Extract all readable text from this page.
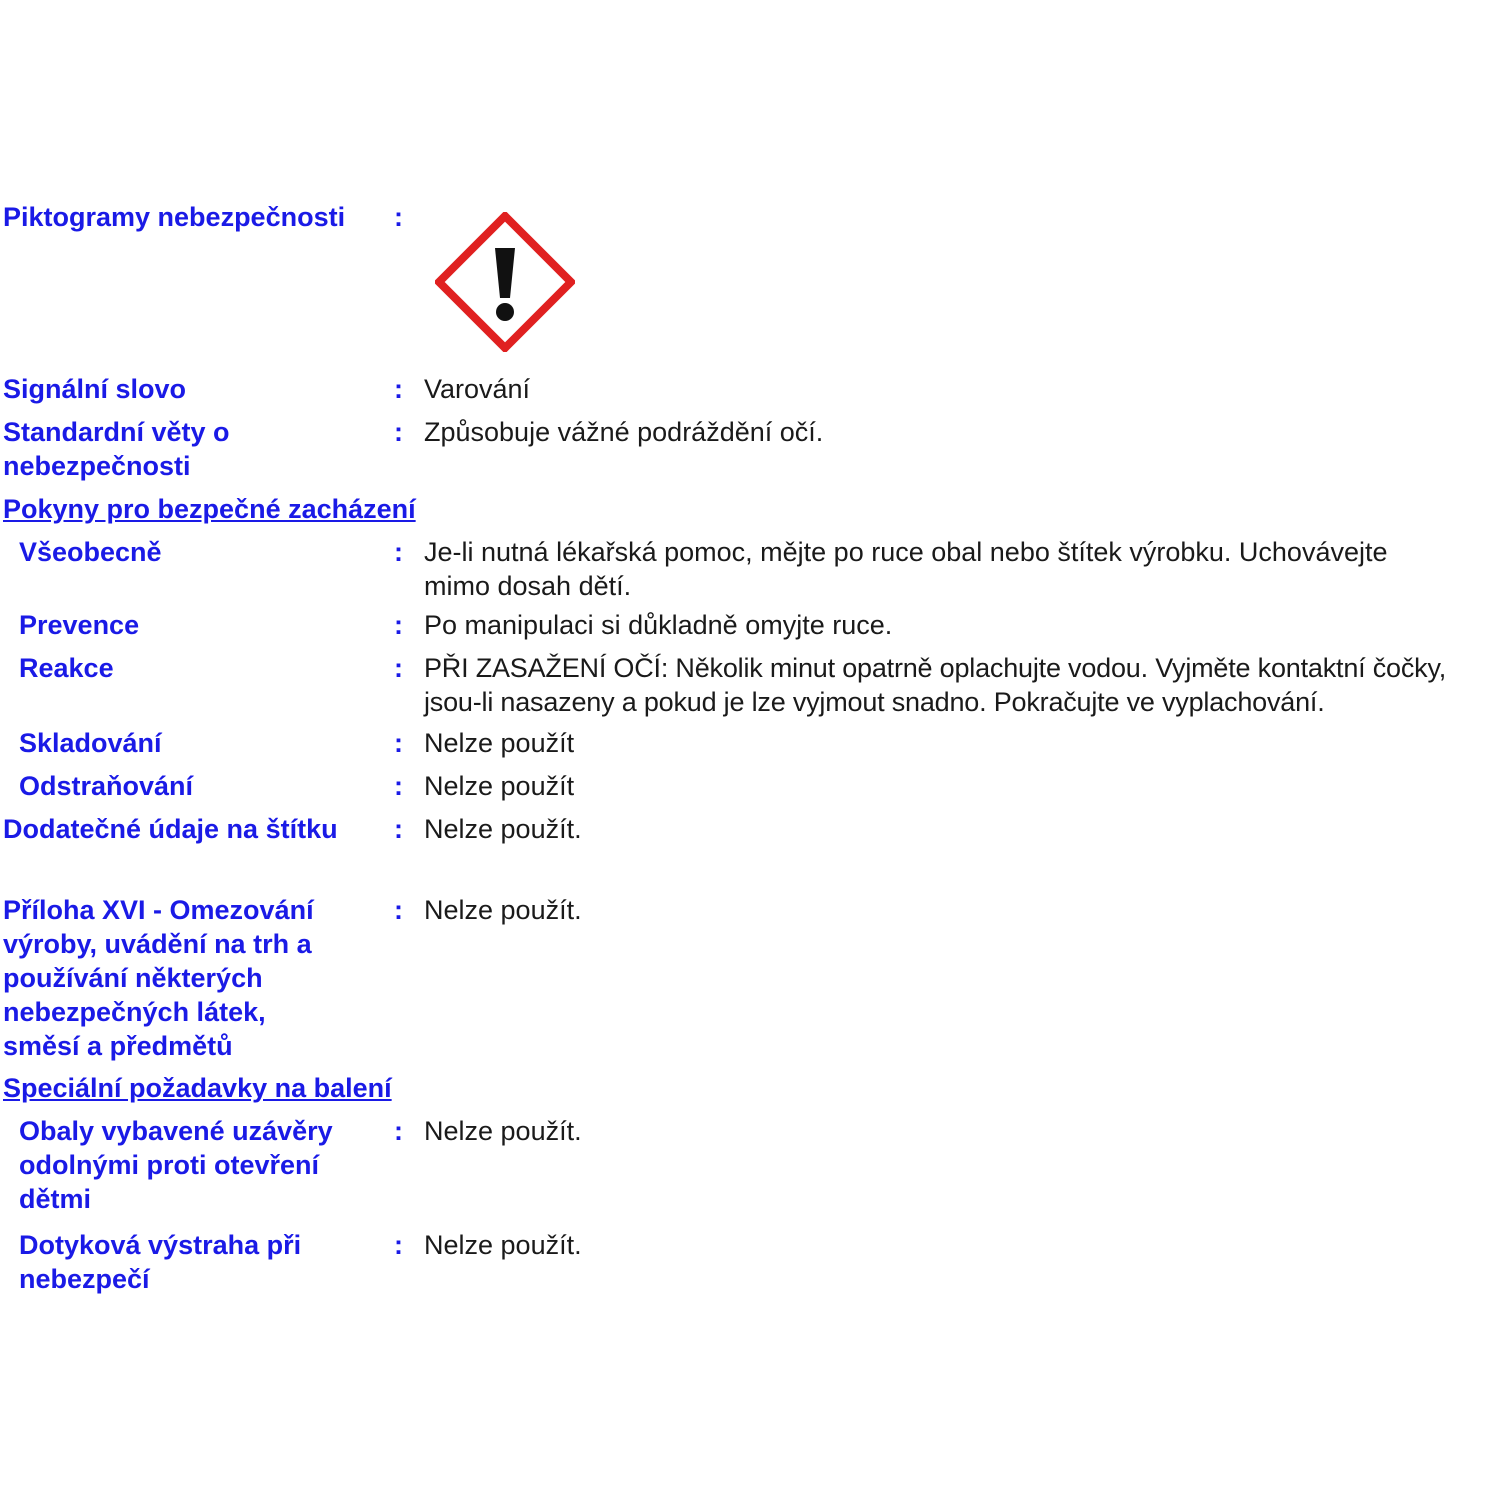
Piktogramy nebezpečnosti	:
Signální slovo	: Varování
Standardní věty o nebezpečnosti
: Způsobuje vážné podráždění očí.
Pokyny pro bezpečné zacházení
Všeobecně	: Je-li nutná lékařská pomoc, mějte po ruce obal nebo štítek výrobku. Uchovávejte mimo dosah dětí.
Prevence	: Po manipulaci si důkladně omyjte ruce.
Reakce	: PŘI ZASAŽENÍ OČÍ: Několik minut opatrně oplachujte vodou. Vyjměte kontaktní čočky, jsou-li nasazeny a pokud je lze vyjmout snadno. Pokračujte ve vyplachování.
Skladování	: Nelze použít
Odstraňování	: Nelze použít
Dodatečné údaje na štítku	: Nelze použít.
Příloha XVI - Omezování výroby, uvádění na trh a používání některých nebezpečných látek, směsí a předmětů
: Nelze použít.
Speciální požadavky na balení
Obaly vybavené uzávěry odolnými proti otevření dětmi
: Nelze použít.
Dotyková výstraha při nebezpečí
: Nelze použít.
